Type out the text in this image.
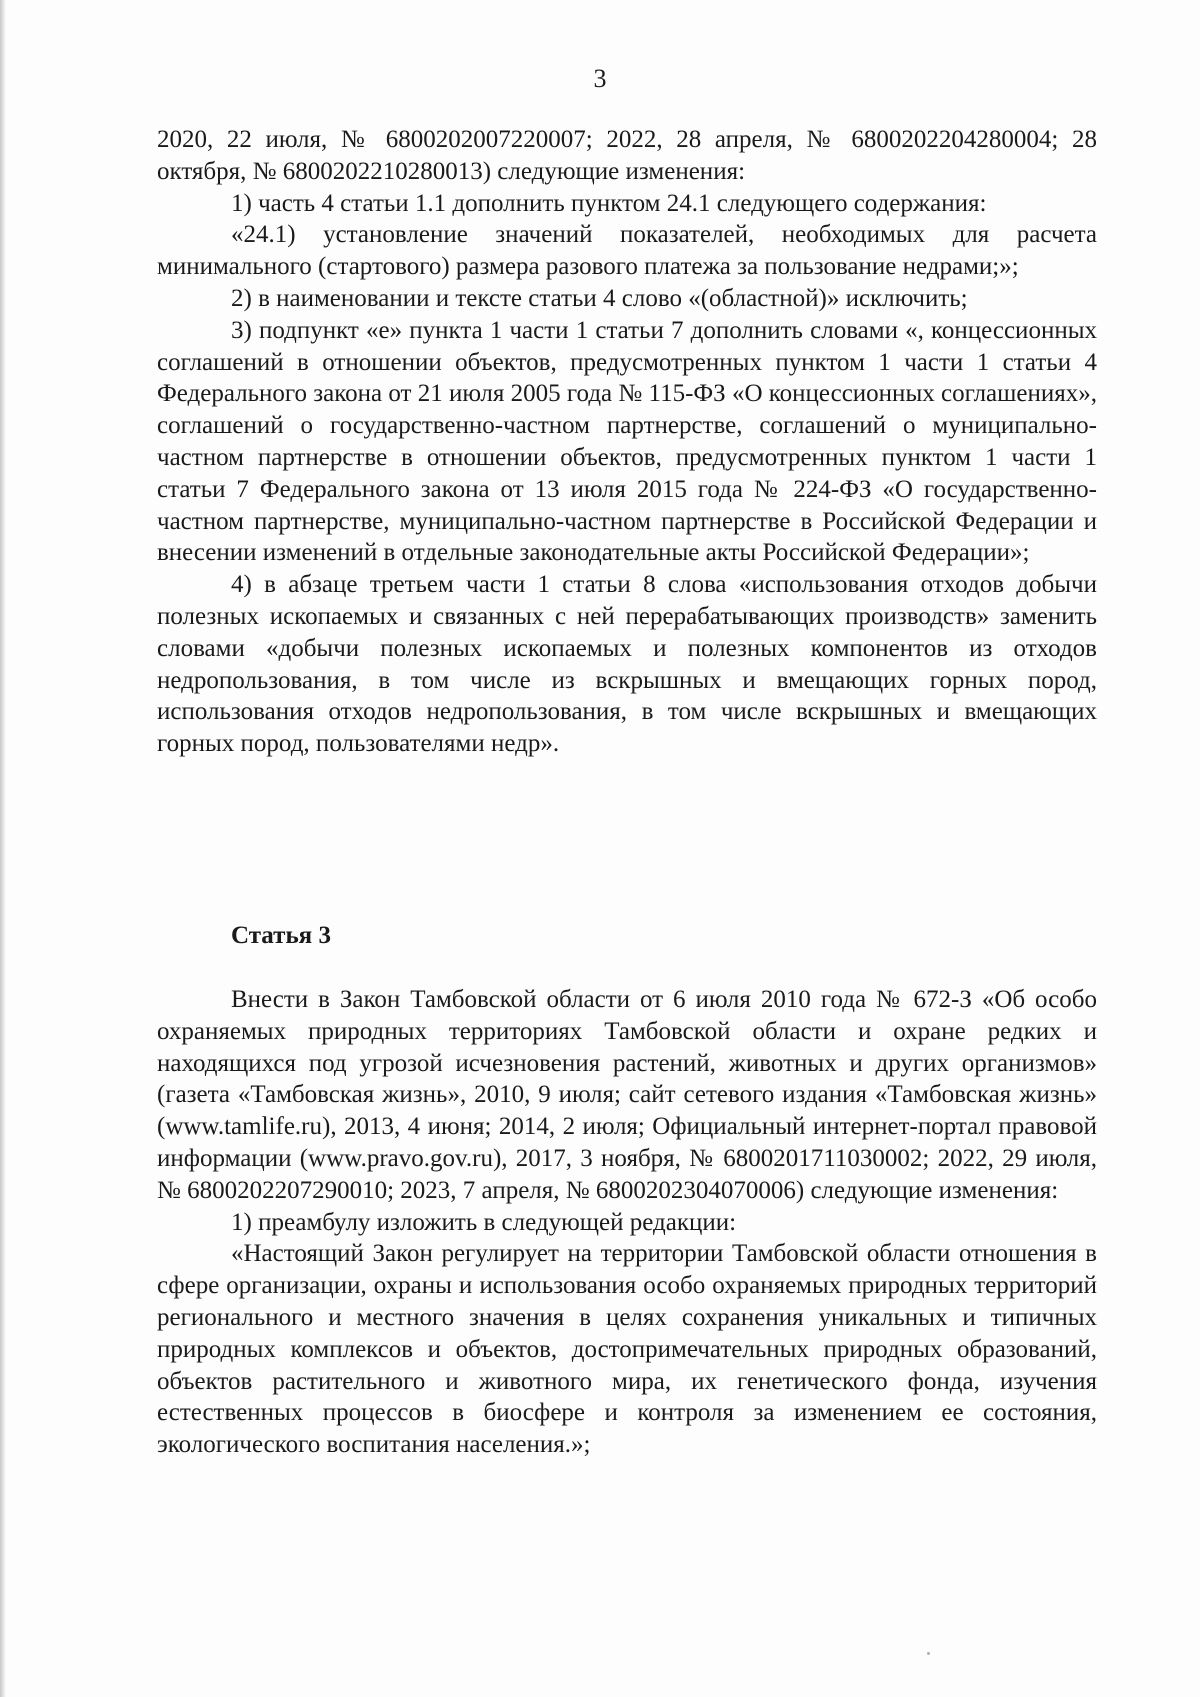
3

2020, 22 июля, № 6800202007220007; 2022, 28 апреля, № 6800202204280004; 28 октября, № 6800202210280013) следующие изменения:

1) часть 4 статьи 1.1 дополнить пунктом 24.1 следующего содержания:

«24.1) установление значений показателей, необходимых для расчета минимального (стартового) размера разового платежа за пользование недрами;»;

2) в наименовании и тексте статьи 4 слово «(областной)» исключить;

3) подпункт «е» пункта 1 части 1 статьи 7 дополнить словами «, концессионных соглашений в отношении объектов, предусмотренных пунктом 1 части 1 статьи 4 Федерального закона от 21 июля 2005 года № 115-ФЗ «О концессионных соглашениях», соглашений о государственно-частном партнерстве, соглашений о муниципально-частном партнерстве в отношении объектов, предусмотренных пунктом 1 части 1 статьи 7 Федерального закона от 13 июля 2015 года № 224-ФЗ «О государственно-частном партнерстве, муниципально-частном партнерстве в Российской Федерации и внесении изменений в отдельные законодательные акты Российской Федерации»;

4) в абзаце третьем части 1 статьи 8 слова «использования отходов добычи полезных ископаемых и связанных с ней перерабатывающих производств» заменить словами «добычи полезных ископаемых и полезных компонентов из отходов недропользования, в том числе из вскрышных и вмещающих горных пород, использования отходов недропользования, в том числе вскрышных и вмещающих горных пород, пользователями недр».

Статья 3

Внести в Закон Тамбовской области от 6 июля 2010 года № 672-З «Об особо охраняемых природных территориях Тамбовской области и охране редких и находящихся под угрозой исчезновения растений, животных и других организмов» (газета «Тамбовская жизнь», 2010, 9 июля; сайт сетевого издания «Тамбовская жизнь» (www.tamlife.ru), 2013, 4 июня; 2014, 2 июля; Официальный интернет-портал правовой информации (www.pravo.gov.ru), 2017, 3 ноября, № 6800201711030002; 2022, 29 июля, № 6800202207290010; 2023, 7 апреля, № 6800202304070006) следующие изменения:

1) преамбулу изложить в следующей редакции:

«Настоящий Закон регулирует на территории Тамбовской области отношения в сфере организации, охраны и использования особо охраняемых природных территорий регионального и местного значения в целях сохранения уникальных и типичных природных комплексов и объектов, достопримечательных природных образований, объектов растительного и животного мира, их генетического фонда, изучения естественных процессов в биосфере и контроля за изменением ее состояния, экологического воспитания населения.»;
